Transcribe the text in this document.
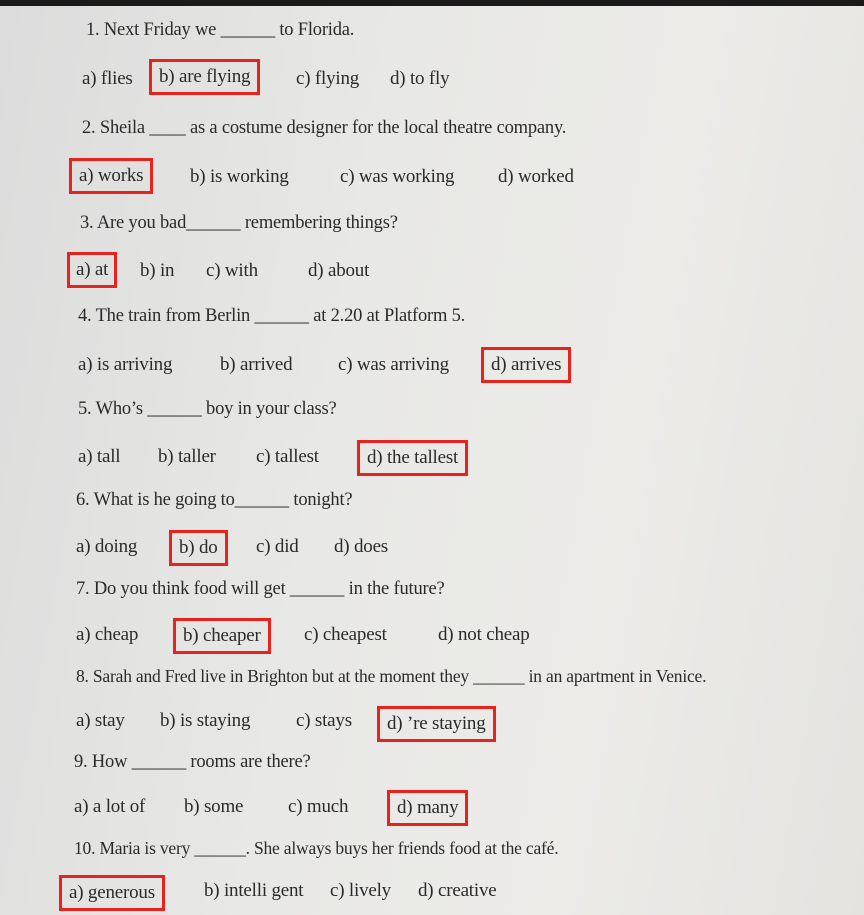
1. Next Friday we ______ to Florida.
a) flies	b) are flying	c) flying d) to fly
2. Sheila ____ as a costume designer for the local theatre company.
a) works	b) is working	c) was working d) worked
3. Are you bad______ remembering things?
a) at	b) in c) with	d) about
4. The train from Berlin ______ at 2.20 at Platform 5.
a) is arriving	b) arrived c) was arriving	d) arrives
5. Who’s ______ boy in your class?
a) tall b) taller c) tallest	d) the tallest
6. What is he going to______ tonight?
a) doing	b) do	c) did d) does
7. Do you think food will get ______ in the future?
a) cheap	b) cheaper	c) cheapest	d) not cheap
8. Sarah and Fred live in Brighton but at the moment they ______ in an apartment in Venice.
a) stay b) is staying c) stays	d) ’re staying
9. How ______ rooms are there?
a) a lot of b) some c) much	d) many
10. Maria is very ______. She always buys her friends food at the café.
a) generous	b) intelli gent c) lively d) creative
